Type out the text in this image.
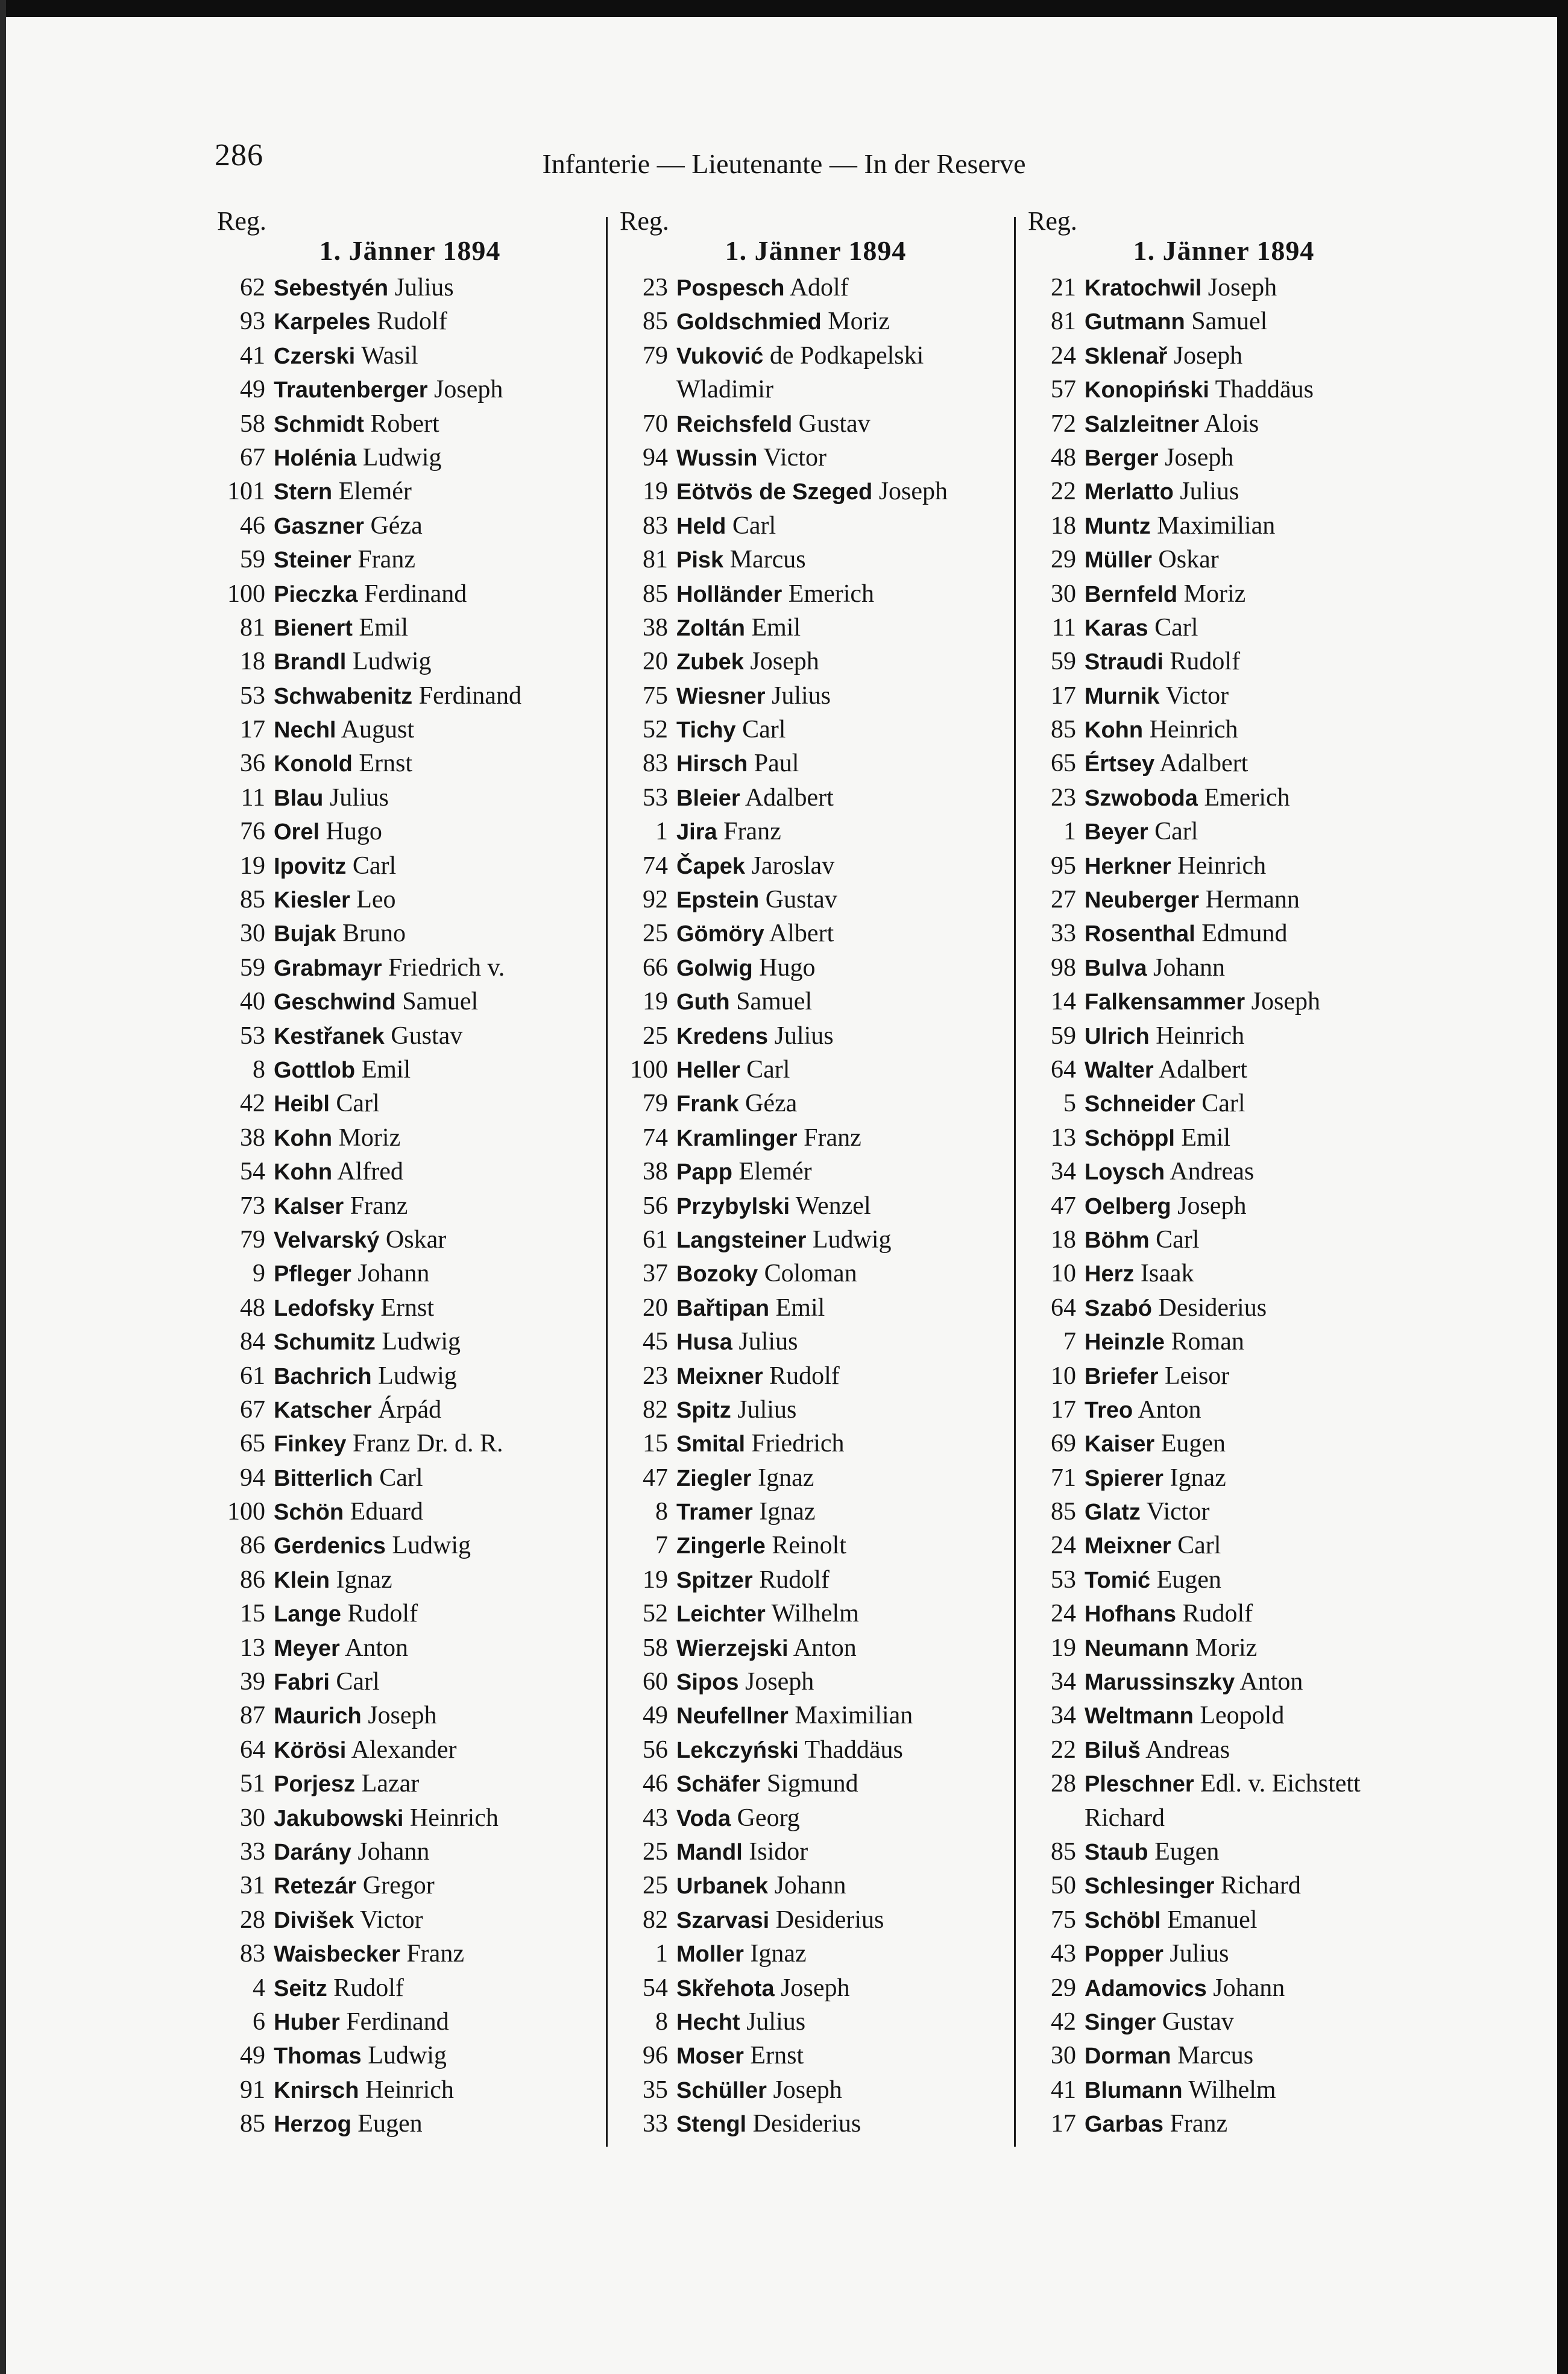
286	Infanterie — Lieutenante — In der Reserve
Reg.
1. Jänner 1894
62 Sebestyén Julius
93 Karpeles Rudolf
41 Czerski Wasil
49 Trautenberger Joseph
58 Schmidt Robert
67 Holénia Ludwig
101 Stern Elemér
46 Gaszner Géza
59 Steiner Franz
100 Pieczka Ferdinand
81 Bienert Emil
18 Brandl Ludwig
53 Schwabenitz Ferdinand
17 Nechl August
36 Konold Ernst
11 Blau Julius
76 Orel Hugo
19 Ipovitz Carl
85 Kiesler Leo
30 Bujak Bruno
59 Grabmayr Friedrich v.
40 Geschwind Samuel
53 Kestřanek Gustav
8 Gottlob Emil
42 Heibl Carl
38 Kohn Moriz
54 Kohn Alfred
73 Kalser Franz
79 Velvarský Oskar
9 Pfleger Johann
48 Ledofsky Ernst
84 Schumitz Ludwig
61 Bachrich Ludwig
67 Katscher Árpád
65 Finkey Franz Dr. d. R.
94 Bitterlich Carl
100 Schön Eduard
86 Gerdenics Ludwig
86 Klein Ignaz
15 Lange Rudolf
13 Meyer Anton
39 Fabri Carl
87 Maurich Joseph
64 Körösi Alexander
51 Porjesz Lazar
30 Jakubowski Heinrich
33 Darány Johann
31 Retezár Gregor
28 Divišek Victor
83 Waisbecker Franz
4 Seitz Rudolf
6 Huber Ferdinand
49 Thomas Ludwig
91 Knirsch Heinrich
85 Herzog Eugen
Reg.
1. Jänner 1894
23 Pospesch Adolf
85 Goldschmied Moriz
79 Vuković de Podkapelski
Wladimir
70 Reichsfeld Gustav
94 Wussin Victor
19 Eötvös de Szeged Joseph
83 Held Carl
81 Pisk Marcus
85 Holländer Emerich
38 Zoltán Emil
20 Zubek Joseph
75 Wiesner Julius
52 Tichy Carl
83 Hirsch Paul
53 Bleier Adalbert
1 Jira Franz
74 Čapek Jaroslav
92 Epstein Gustav
25 Gömöry Albert
66 Golwig Hugo
19 Guth Samuel
25 Kredens Julius
100 Heller Carl
79 Frank Géza
74 Kramlinger Franz
38 Papp Elemér
56 Przybylski Wenzel
61 Langsteiner Ludwig
37 Bozoky Coloman
20 Bařtipan Emil
45 Husa Julius
23 Meixner Rudolf
82 Spitz Julius
15 Smital Friedrich
47 Ziegler Ignaz
8 Tramer Ignaz
7 Zingerle Reinolt
19 Spitzer Rudolf
52 Leichter Wilhelm
58 Wierzejski Anton
60 Sipos Joseph
49 Neufellner Maximilian
56 Lekczyński Thaddäus
46 Schäfer Sigmund
43 Voda Georg
25 Mandl Isidor
25 Urbanek Johann
82 Szarvasi Desiderius
1 Moller Ignaz
54 Skřehota Joseph
8 Hecht Julius
96 Moser Ernst
35 Schüller Joseph
33 Stengl Desiderius
Reg.
1. Jänner 1894
21 Kratochwil Joseph
81 Gutmann Samuel
24 Sklenař Joseph
57 Konopiński Thaddäus
72 Salzleitner Alois
48 Berger Joseph
22 Merlatto Julius
18 Muntz Maximilian
29 Müller Oskar
30 Bernfeld Moriz
11 Karas Carl
59 Straudi Rudolf
17 Murnik Victor
85 Kohn Heinrich
65 Értsey Adalbert
23 Szwoboda Emerich
1 Beyer Carl
95 Herkner Heinrich
27 Neuberger Hermann
33 Rosenthal Edmund
98 Bulva Johann
14 Falkensammer Joseph
59 Ulrich Heinrich
64 Walter Adalbert
5 Schneider Carl
13 Schöppl Emil
34 Loysch Andreas
47 Oelberg Joseph
18 Böhm Carl
10 Herz Isaak
64 Szabó Desiderius
7 Heinzle Roman
10 Briefer Leisor
17 Treo Anton
69 Kaiser Eugen
71 Spierer Ignaz
85 Glatz Victor
24 Meixner Carl
53 Tomić Eugen
24 Hofhans Rudolf
19 Neumann Moriz
34 Marussinszky Anton
34 Weltmann Leopold
22 Biluš Andreas
28 Pleschner Edl. v. Eichstett
Richard
85 Staub Eugen
50 Schlesinger Richard
75 Schöbl Emanuel
43 Popper Julius
29 Adamovics Johann
42 Singer Gustav
30 Dorman Marcus
41 Blumann Wilhelm
17 Garbas Franz
